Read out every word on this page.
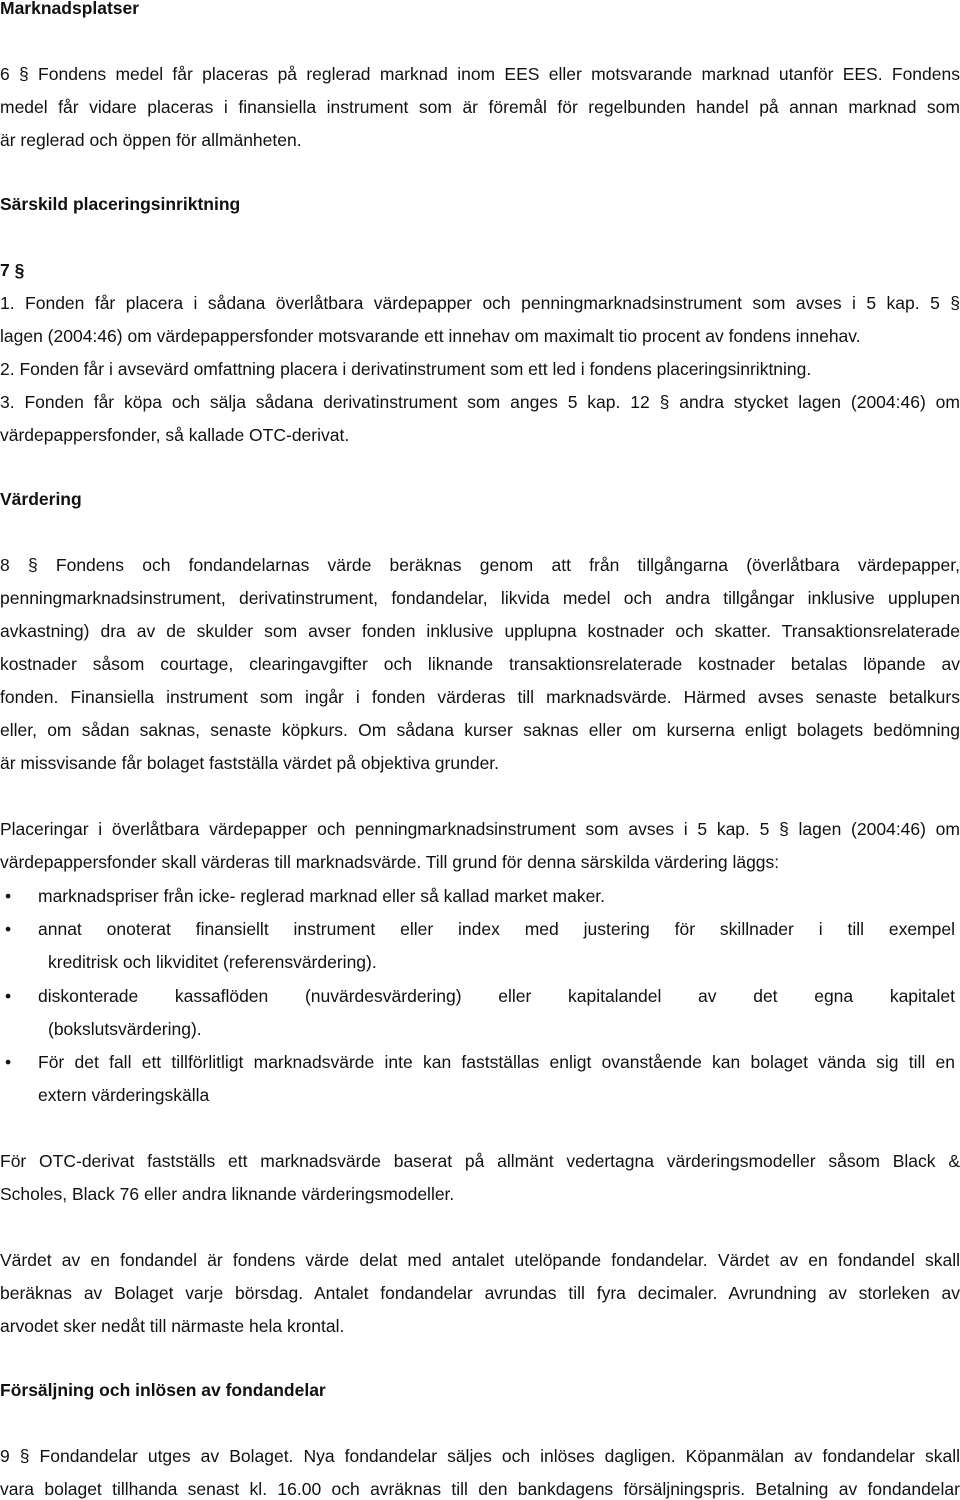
Marknadsplatser
6 § Fondens medel får placeras på reglerad marknad inom EES eller motsvarande marknad utanför EES. Fondens
medel får vidare placeras i finansiella instrument som är föremål för regelbunden handel på annan marknad som
är reglerad och öppen för allmänheten.
Särskild placeringsinriktning
7 §
1. Fonden får placera i sådana överlåtbara värdepapper och penningmarknadsinstrument som avses i 5 kap. 5 §
lagen (2004:46) om värdepappersfonder motsvarande ett innehav om maximalt tio procent av fondens innehav.
2. Fonden får i avsevärd omfattning placera i derivatinstrument som ett led i fondens placeringsinriktning.
3. Fonden får köpa och sälja sådana derivatinstrument som anges 5 kap. 12 § andra stycket lagen (2004:46) om
värdepappersfonder, så kallade OTC-derivat.
Värdering
8 § Fondens och fondandelarnas värde beräknas genom att från tillgångarna (överlåtbara värdepapper,
penningmarknadsinstrument, derivatinstrument, fondandelar, likvida medel och andra tillgångar inklusive upplupen
avkastning) dra av de skulder som avser fonden inklusive upplupna kostnader och skatter. Transaktionsrelaterade
kostnader såsom courtage, clearingavgifter och liknande transaktionsrelaterade kostnader betalas löpande av
fonden. Finansiella instrument som ingår i fonden värderas till marknadsvärde. Härmed avses senaste betalkurs
eller, om sådan saknas, senaste köpkurs. Om sådana kurser saknas eller om kurserna enligt bolagets bedömning
är missvisande får bolaget fastställa värdet på objektiva grunder.
Placeringar i överlåtbara värdepapper och penningmarknadsinstrument som avses i 5 kap. 5 § lagen (2004:46) om
värdepappersfonder skall värderas till marknadsvärde. Till grund för denna särskilda värdering läggs:
• marknadspriser från icke- reglerad marknad eller så kallad market maker.
• annat onoterat finansiellt instrument eller index med justering för skillnader i till exempel
kreditrisk och likviditet (referensvärdering).
• diskonterade kassaflöden (nuvärdesvärdering) eller kapitalandel av det egna kapitalet
(bokslutsvärdering).
• För det fall ett tillförlitligt marknadsvärde inte kan fastställas enligt ovanstående kan bolaget vända sig till en
extern värderingskälla
För OTC-derivat fastställs ett marknadsvärde baserat på allmänt vedertagna värderingsmodeller såsom Black &
Scholes, Black 76 eller andra liknande värderingsmodeller.
Värdet av en fondandel är fondens värde delat med antalet utelöpande fondandelar. Värdet av en fondandel skall
beräknas av Bolaget varje börsdag. Antalet fondandelar avrundas till fyra decimaler. Avrundning av storleken av
arvodet sker nedåt till närmaste hela krontal.
Försäljning och inlösen av fondandelar
9 § Fondandelar utges av Bolaget. Nya fondandelar säljes och inlöses dagligen. Köpanmälan av fondandelar skall
vara bolaget tillhanda senast kl. 16.00 och avräknas till den bankdagens försäljningspris. Betalning av fondandelar
